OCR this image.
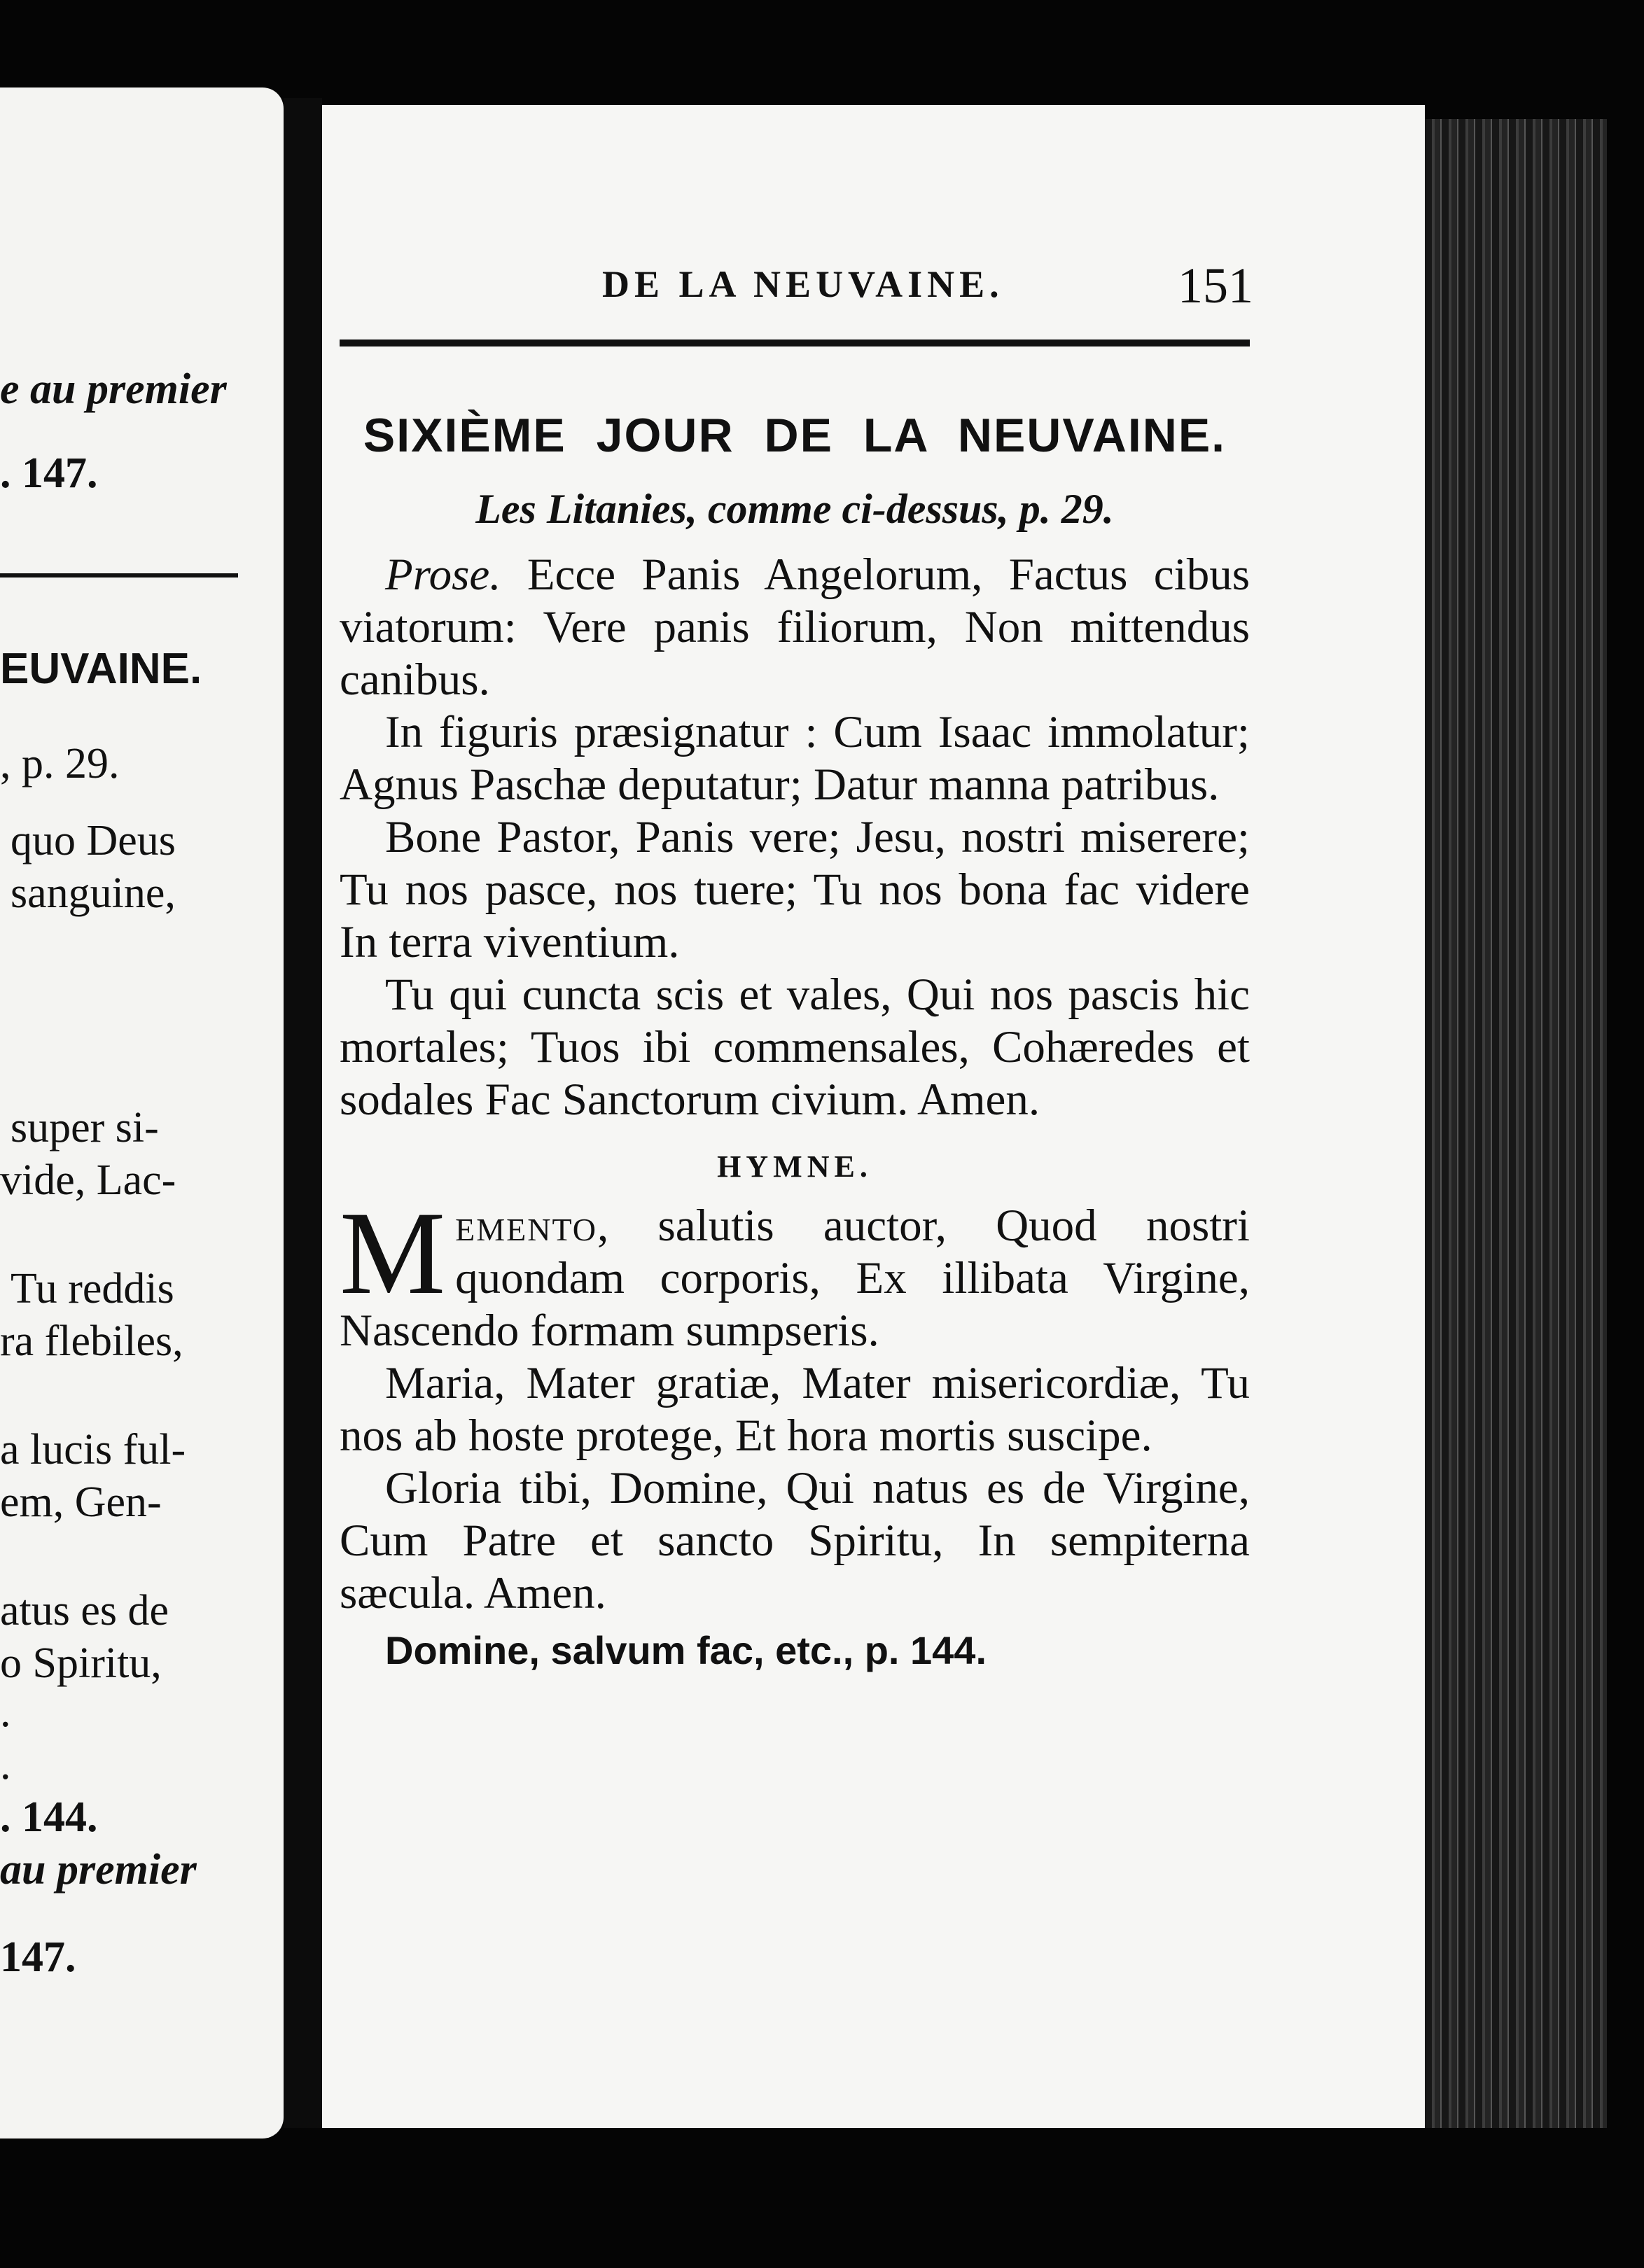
e au premier
. 147.
EUVAINE.
, p. 29.
quo Deus
sanguine,
super si-
vide, Lac-
Tu reddis
ra flebiles,
a lucis ful-
em, Gen-
atus es de
o Spiritu,
.
.
. 144.
au premier
147.
DE LA NEUVAINE.	151
SIXIÈME JOUR DE LA NEUVAINE.
Les Litanies, comme ci-dessus, p. 29.

Prose. Ecce Panis Angelorum, Factus cibus viatorum: Vere panis filiorum, Non mittendus canibus.

In figuris præsignatur : Cum Isaac immolatur; Agnus Paschæ deputatur; Datur manna patribus.

Bone Pastor, Panis vere; Jesu, nostri miserere; Tu nos pasce, nos tuere; Tu nos bona fac videre In terra viventium.

Tu qui cuncta scis et vales, Qui nos pascis hic mortales; Tuos ibi commensales, Cohæredes et sodales Fac Sanctorum civium. Amen.

HYMNE.

Memento, salutis auctor, Quod nostri quondam corporis, Ex illibata Virgine, Nascendo formam sumpseris.

Maria, Mater gratiæ, Mater misericordiæ, Tu nos ab hoste protege, Et hora mortis suscipe.

Gloria tibi, Domine, Qui natus es de Virgine, Cum Patre et sancto Spiritu, In sempiterna sæcula. Amen.

Domine, salvum fac, etc., p. 144.
